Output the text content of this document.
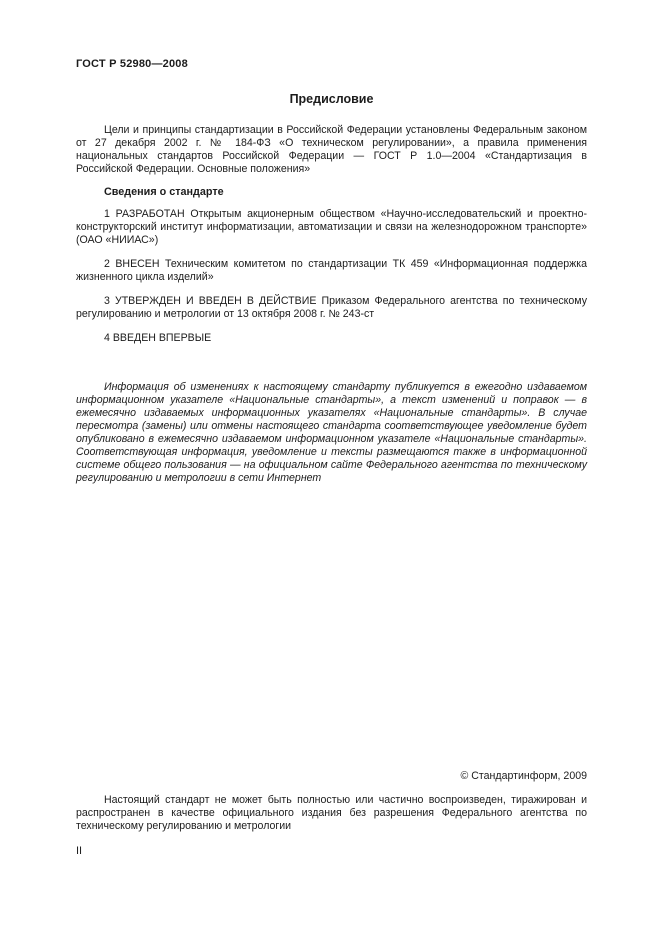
ГОСТ Р 52980—2008
Предисловие

Цели и принципы стандартизации в Российской Федерации установлены Федеральным законом от 27 декабря 2002 г. № 184-ФЗ «О техническом регулировании», а правила применения национальных стандартов Российской Федерации — ГОСТ Р 1.0—2004 «Стандартизация в Российской Федерации. Основные положения»

Сведения о стандарте

1 РАЗРАБОТАН Открытым акционерным обществом «Научно-исследовательский и проектно-конструкторский институт информатизации, автоматизации и связи на железнодорожном транспорте» (ОАО «НИИАС»)

2 ВНЕСЕН Техническим комитетом по стандартизации ТК 459 «Информационная поддержка жизненного цикла изделий»

3 УТВЕРЖДЕН И ВВЕДЕН В ДЕЙСТВИЕ Приказом Федерального агентства по техническому регулированию и метрологии от 13 октября 2008 г. № 243-ст

4 ВВЕДЕН ВПЕРВЫЕ

Информация об изменениях к настоящему стандарту публикуется в ежегодно издаваемом информационном указателе «Национальные стандарты», а текст изменений и поправок — в ежемесячно издаваемых информационных указателях «Национальные стандарты». В случае пересмотра (замены) или отмены настоящего стандарта соответствующее уведомление будет опубликовано в ежемесячно издаваемом информационном указателе «Национальные стандарты». Соответствующая информация, уведомление и тексты размещаются также в информационной системе общего пользования — на официальном сайте Федерального агентства по техническому регулированию и метрологии в сети Интернет

© Стандартинформ, 2009

Настоящий стандарт не может быть полностью или частично воспроизведен, тиражирован и распространен в качестве официального издания без разрешения Федерального агентства по техническому регулированию и метрологии

II
